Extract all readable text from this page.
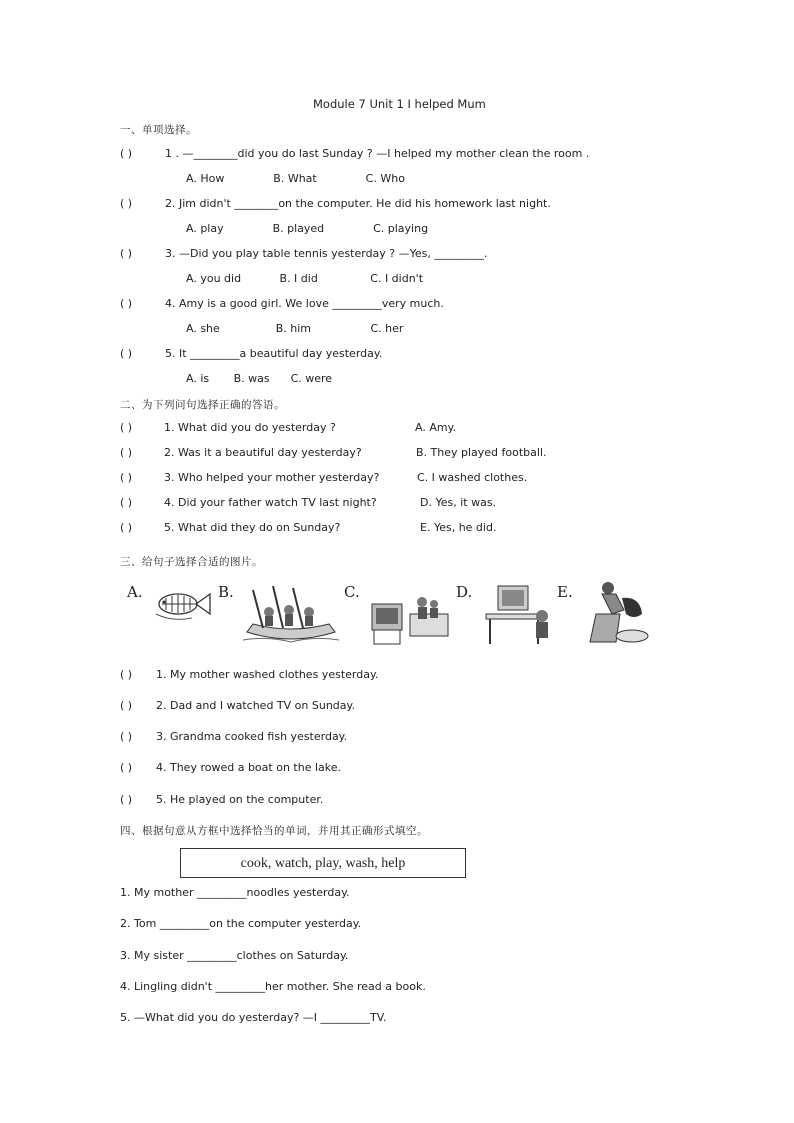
Module 7 Unit 1 I helped Mum
一、单项选择。
( )	1 . —________did you do last Sunday ? —I helped my mother clean the room .
A. How              B. What              C. Who
( )	2. Jim didn't ________on the computer. He did his homework last night.
A. play              B. played              C. playing
( )	3. —Did you play table tennis yesterday ? —Yes, _________.
A. you did           B. I did               C. I didn't
( )	4. Amy is a good girl. We love _________very much.
A. she                B. him                 C. her
( )	5. It _________a beautiful day yesterday.
A. is       B. was      C. were
二、为下列问句选择正确的答语。
( )	1. What did you do yesterday ?	A. Amy.
( )	2. Was it a beautiful day yesterday?	B. They played football.
( )	3. Who helped your mother yesterday?	C. I washed clothes.
( )	4. Did your father watch TV last night?	D. Yes, it was.
( )	5. What did they do on Sunday?	E. Yes, he did.
三、给句子选择合适的图片。
A.	B.	C.	D.	E.
( ) 1. My mother washed clothes yesterday.
( ) 2. Dad and I watched TV on Sunday.
( ) 3. Grandma cooked fish yesterday.
( ) 4. They rowed a boat on the lake.
( ) 5. He played on the computer.
四、根据句意从方框中选择恰当的单词，并用其正确形式填空。
cook, watch, play, wash, help
1. My mother _________noodles yesterday.
2. Tom _________on the computer yesterday.
3. My sister _________clothes on Saturday.
4. Lingling didn't _________her mother. She read a book.
5. —What did you do yesterday? —I _________TV.
